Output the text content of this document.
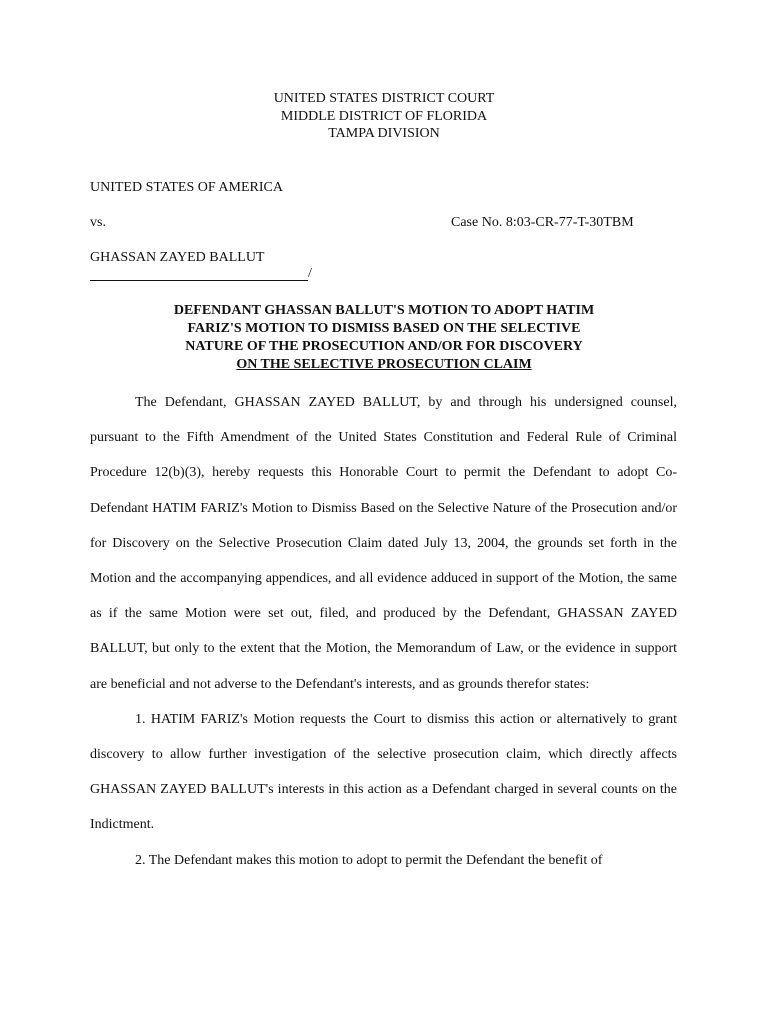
UNITED STATES DISTRICT COURT
MIDDLE DISTRICT OF FLORIDA
TAMPA DIVISION
UNITED STATES OF AMERICA
vs.	Case No. 8:03-CR-77-T-30TBM
GHASSAN ZAYED BALLUT
/
DEFENDANT GHASSAN BALLUT'S MOTION TO ADOPT HATIM
FARIZ'S MOTION TO DISMISS BASED ON THE SELECTIVE
NATURE OF THE PROSECUTION AND/OR FOR DISCOVERY
ON THE SELECTIVE PROSECUTION CLAIM

The Defendant, GHASSAN ZAYED BALLUT, by and through his undersigned counsel, pursuant to the Fifth Amendment of the United States Constitution and Federal Rule of Criminal Procedure 12(b)(3), hereby requests this Honorable Court to permit the Defendant to adopt Co-Defendant HATIM FARIZ's Motion to Dismiss Based on the Selective Nature of the Prosecution and/or for Discovery on the Selective Prosecution Claim dated July 13, 2004, the grounds set forth in the Motion and the accompanying appendices, and all evidence adduced in support of the Motion, the same as if the same Motion were set out, filed, and produced by the Defendant, GHASSAN ZAYED BALLUT, but only to the extent that the Motion, the Memorandum of Law, or the evidence in support are beneficial and not adverse to the Defendant's interests, and as grounds therefor states:

1. HATIM FARIZ's Motion requests the Court to dismiss this action or alternatively to grant discovery to allow further investigation of the selective prosecution claim, which directly affects GHASSAN ZAYED BALLUT's interests in this action as a Defendant charged in several counts on the Indictment.

2. The Defendant makes this motion to adopt to permit the Defendant the benefit of
